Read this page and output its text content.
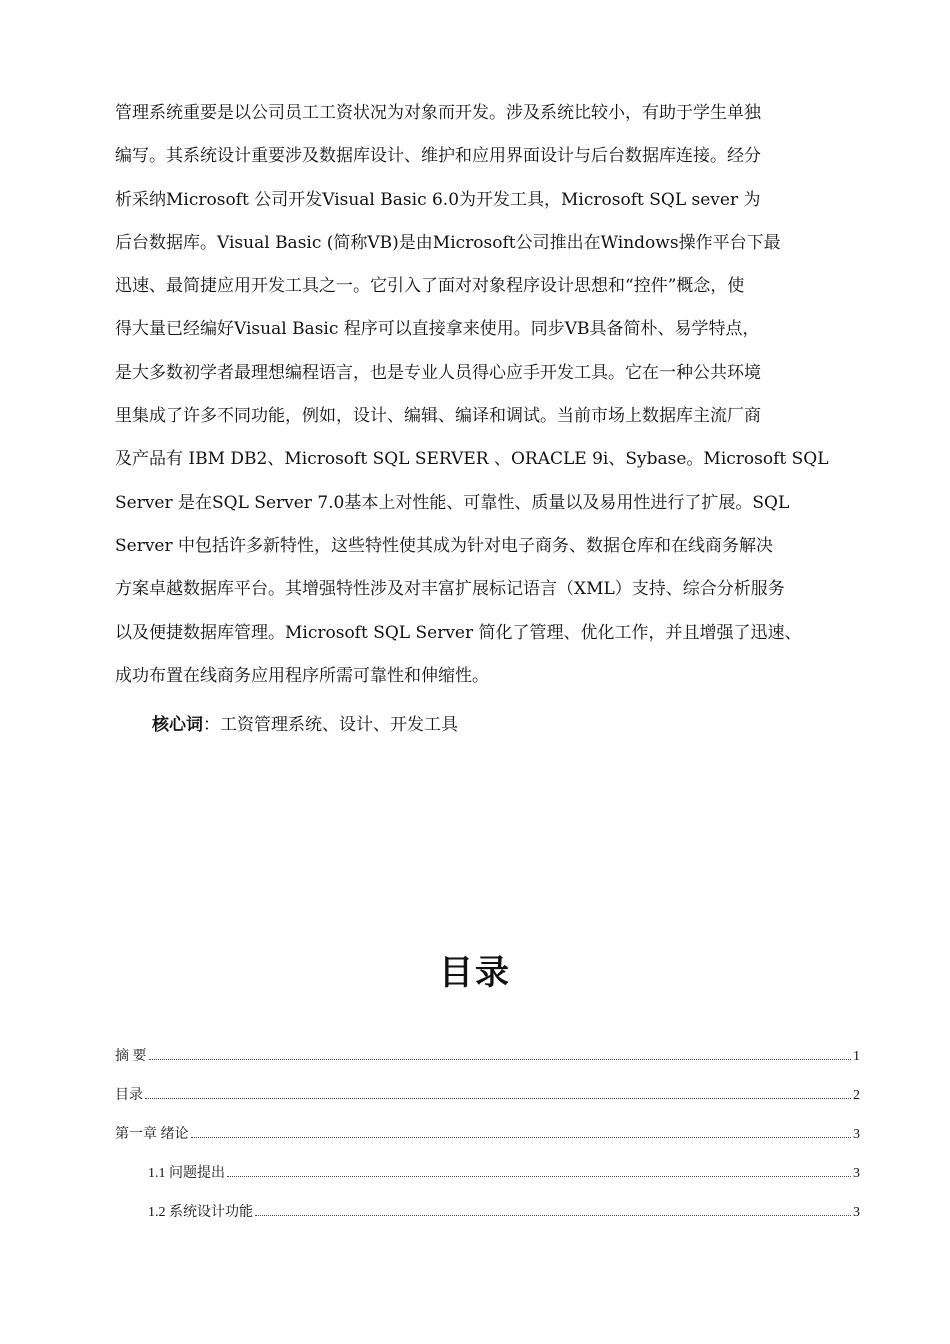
管理系统重要是以公司员工工资状况为对象而开发。涉及系统比较小，有助于学生单独
编写。其系统设计重要涉及数据库设计、维护和应用界面设计与后台数据库连接。经分
析采纳Microsoft 公司开发Visual Basic 6.0为开发工具，Microsoft SQL sever 为
后台数据库。Visual Basic (简称VB)是由Microsoft公司推出在Windows操作平台下最
迅速、最简捷应用开发工具之一。它引入了面对对象程序设计思想和“控件”概念，使
得大量已经编好Visual Basic 程序可以直接拿来使用。同步VB具备简朴、易学特点，
是大多数初学者最理想编程语言，也是专业人员得心应手开发工具。它在一种公共环境
里集成了许多不同功能，例如，设计、编辑、编译和调试。当前市场上数据库主流厂商
及产品有 IBM DB2、Microsoft SQL SERVER 、ORACLE 9i、Sybase。Microsoft SQL
Server 是在SQL Server 7.0基本上对性能、可靠性、质量以及易用性进行了扩展。SQL
Server 中包括许多新特性，这些特性使其成为针对电子商务、数据仓库和在线商务解决
方案卓越数据库平台。其增强特性涉及对丰富扩展标记语言（XML）支持、综合分析服务
以及便捷数据库管理。Microsoft SQL Server 简化了管理、优化工作，并且增强了迅速、
成功布置在线商务应用程序所需可靠性和伸缩性。
核心词：工资管理系统、设计、开发工具
目录
摘 要	1
目录	2
第一章 绪论	3
1.1 问题提出	3
1.2 系统设计功能	3
